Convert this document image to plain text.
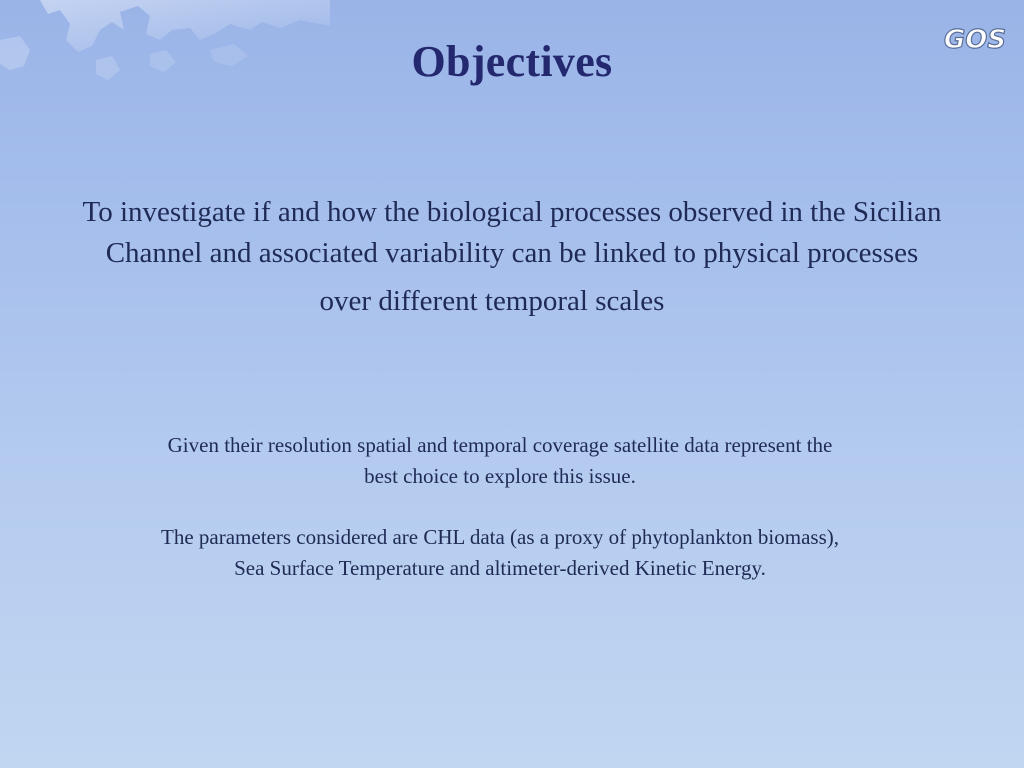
GOS
Objectives
To investigate if and how the biological processes observed in the Sicilian Channel and associated variability can be linked to physical processes
over different temporal scales
Given their resolution spatial and temporal coverage satellite data represent the best choice to explore this issue.
The parameters considered are CHL data (as a proxy of phytoplankton biomass), Sea Surface Temperature and altimeter-derived Kinetic Energy.
